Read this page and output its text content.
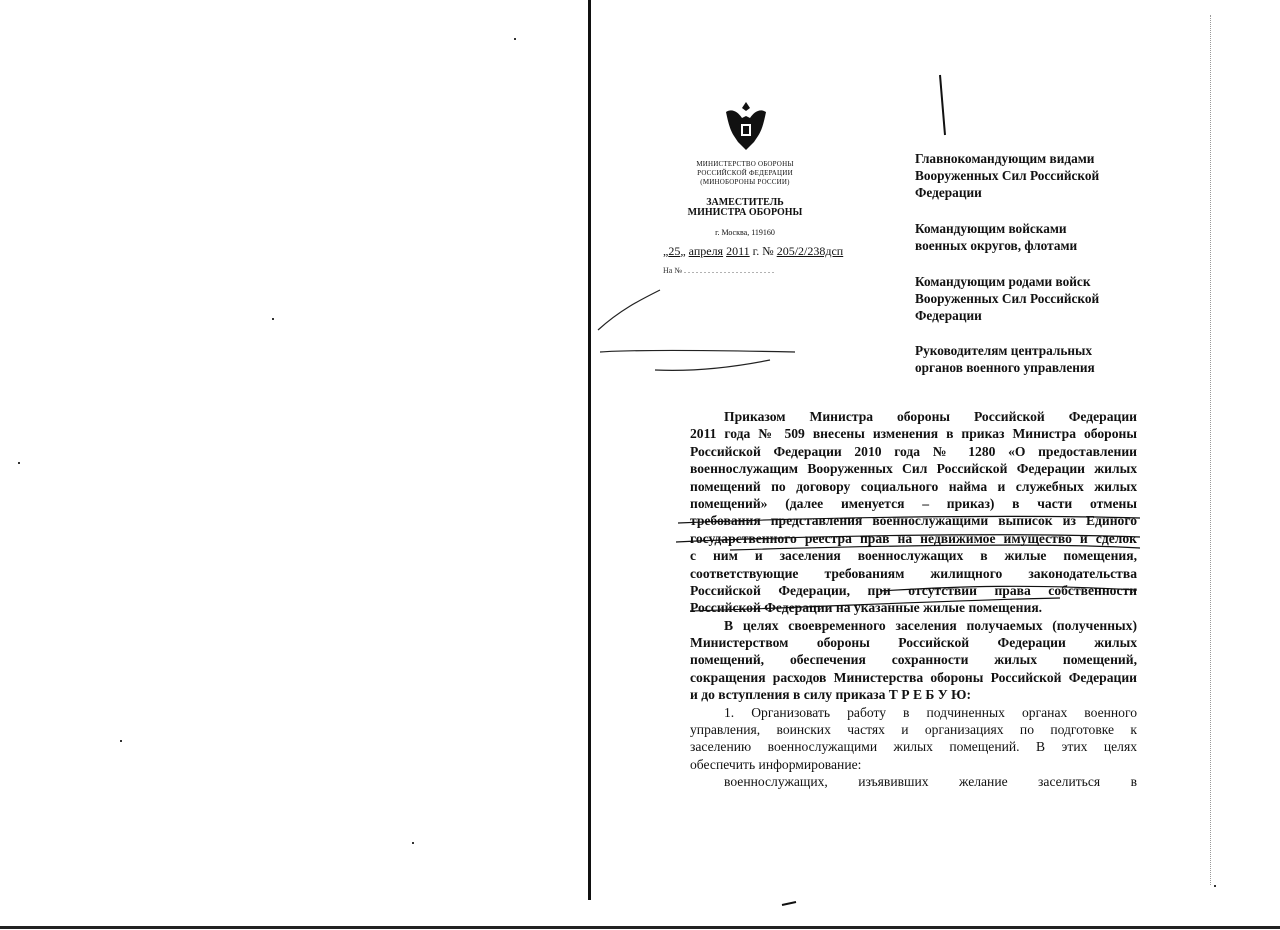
МИНИСТЕРСТВО ОБОРОНЫ
РОССИЙСКОЙ ФЕДЕРАЦИИ
(МИНОБОРОНЫ РОССИИ)
ЗАМЕСТИТЕЛЬ
МИНИСТРА ОБОРОНЫ
г. Москва, 119160
„25„ апреля 2011 г. № 205/2/238дсп
На № . . . . . . . . . . . . . . . . . . . . . . .
Главнокомандующим видами
Вооруженных Сил Российской
Федерации
Командующим войсками
военных округов, флотами
Командующим родами войск
Вооруженных Сил Российской
Федерации
Руководителям центральных
органов военного управления
Приказом Министра обороны Российской Федерации
2011 года № 509 внесены изменения в приказ Министра обороны
Российской Федерации 2010 года № 1280 «О предоставлении
военнослужащим Вооруженных Сил Российской Федерации жилых
помещений по договору социального найма и служебных жилых
помещений» (далее именуется – приказ) в части отмены
требования представления военнослужащими выписок из Единого
государственного реестра прав на недвижимое имущество и сделок
с ним и заселения военнослужащих в жилые помещения,
соответствующие требованиям жилищного законодательства
Российской Федерации, при отсутствии права собственности
Российской Федерации на указанные жилые помещения.
В целях своевременного заселения получаемых (полученных)
Министерством обороны Российской Федерации жилых
помещений, обеспечения сохранности жилых помещений,
сокращения расходов Министерства обороны Российской Федерации
и до вступления в силу приказа Т Р Е Б У Ю:
1. Организовать работу в подчиненных органах военного
управления, воинских частях и организациях по подготовке к
заселению военнослужащими жилых помещений. В этих целях
обеспечить информирование:
военнослужащих, изъявивших желание заселиться в
